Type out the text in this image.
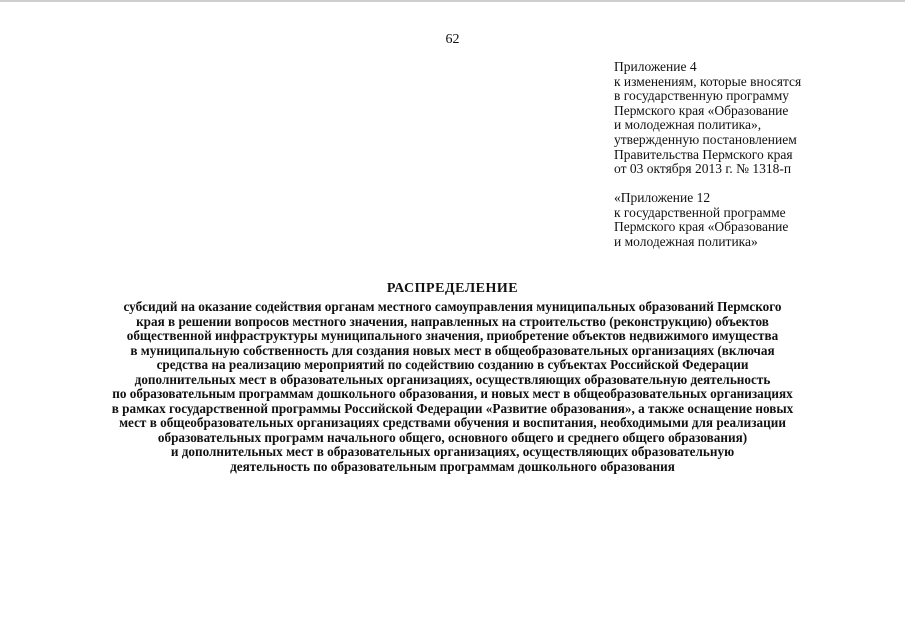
62
Приложение 4
к изменениям, которые вносятся
в государственную программу
Пермского края «Образование
и молодежная политика»,
утвержденную постановлением
Правительства Пермского края
от 03 октября 2013 г. № 1318-п
«Приложение 12
к государственной программе
Пермского края «Образование
и молодежная политика»
РАСПРЕДЕЛЕНИЕ
субсидий на оказание содействия органам местного самоуправления муниципальных образований Пермского
края в решении вопросов местного значения, направленных на строительство (реконструкцию) объектов
общественной инфраструктуры муниципального значения, приобретение объектов недвижимого имущества
в муниципальную собственность для создания новых мест в общеобразовательных организациях (включая
средства на реализацию мероприятий по содействию созданию в субъектах Российской Федерации
дополнительных мест в образовательных организациях, осуществляющих образовательную деятельность
по образовательным программам дошкольного образования, и новых мест в общеобразовательных организациях
в рамках государственной программы Российской Федерации «Развитие образования», а также оснащение новых
мест в общеобразовательных организациях средствами обучения и воспитания, необходимыми для реализации
образовательных программ начального общего, основного общего и среднего общего образования)
и дополнительных мест в образовательных организациях, осуществляющих образовательную
деятельность по образовательным программам дошкольного образования
